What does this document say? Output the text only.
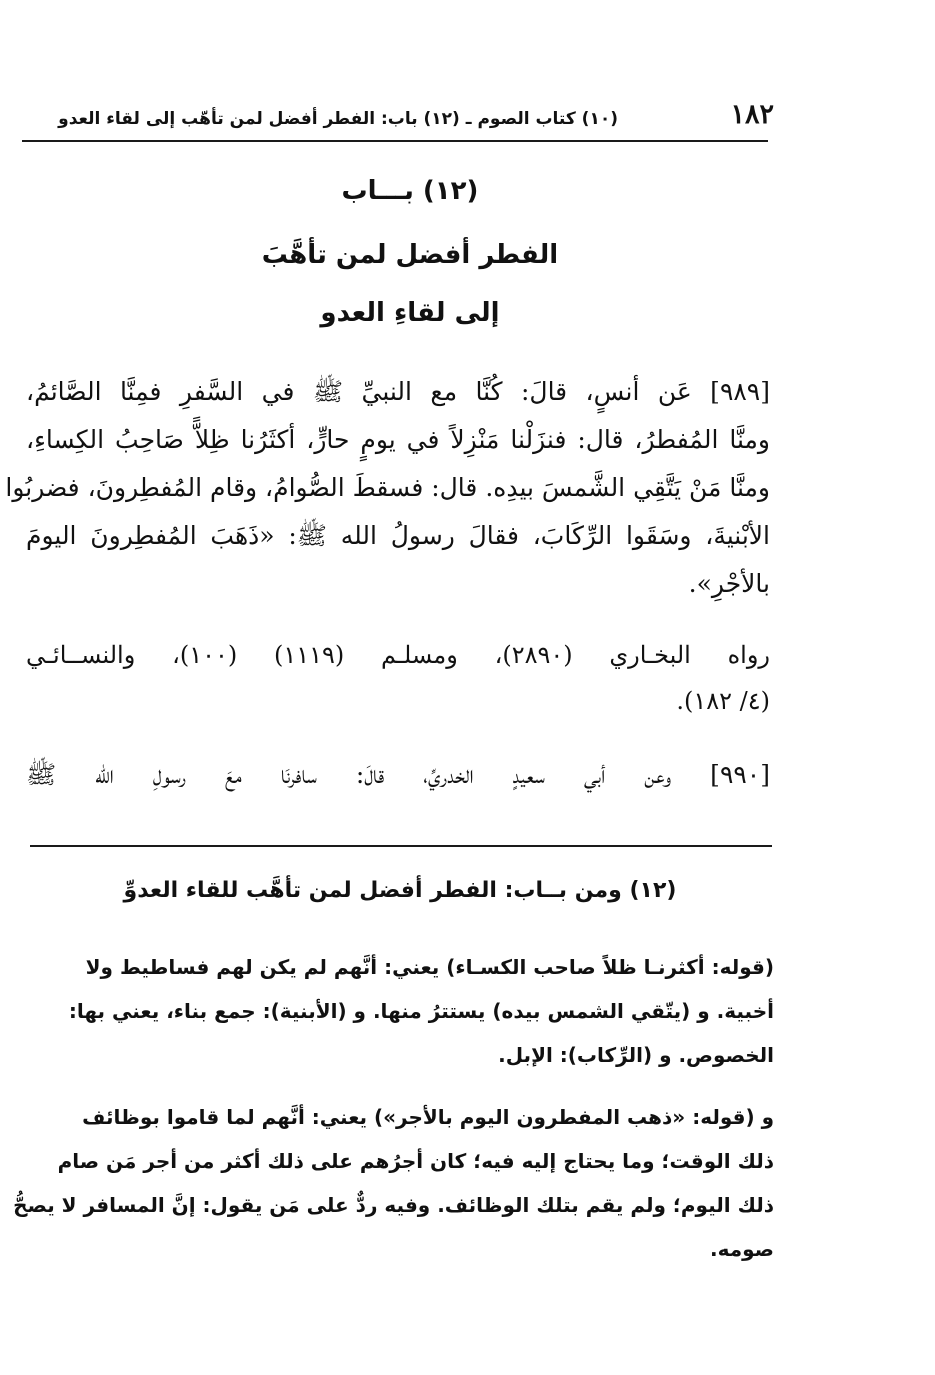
١٨٢
(١٠) كتاب الصوم ـ (١٢) باب: الفطر أفضل لمن تأهّب إلى لقاء العدو
(١٢) بـــاب
الفطر أفضل لمن تأهَّبَ
إلى لقاءِ العدو
[٩٨٩] عَن أنسٍ، قالَ: كُنَّا مع النبيِّ ﷺ في السَّفرِ فمِنَّا الصَّائمُ،
ومنَّا المُفطرُ، قال: فنزَلْنا مَنْزِلاً في يومٍ حارٍّ، أكثَرُنا ظِلاًّ صَاحِبُ الكِساءِ،
ومنَّا مَنْ يَتَّقِي الشَّمسَ بيدِه. قال: فسقطَ الصُّوامُ، وقام المُفطِرونَ، فضربُوا
الأبْنيةَ، وسَقَوا الرِّكَابَ، فقالَ رسولُ الله ﷺ: «ذَهَبَ المُفطِرونَ اليومَ
بالأجْرِ».
رواه البخـاري (٢٨٩٠)، ومسلـم (١١١٩) (١٠٠)، والنســائـي
(٤/ ١٨٢).
[٩٩٠] وعن أبي سعيدٍ الخدريِّ، قالَ: سافرنَا معَ رسولِ الله ﷺ
(١٢) ومن بــاب: الفطر أفضل لمن تأهَّب للقاء العدوِّ
(قوله: أكثرنـا ظلاً صاحب الكسـاء) يعني: أنَّهم لم يكن لهم فساطيط ولا
أخبية. و (يتّقي الشمس بيده) يستترُ منها. و (الأبنية): جمع بناء، يعني بها:
الخصوص. و (الرِّكاب): الإبل.
و (قوله: «ذهب المفطرون اليوم بالأجر») يعني: أنَّهم لما قاموا بوظائف
ذلك الوقت؛ وما يحتاج إليه فيه؛ كان أجرُهم على ذلك أكثر من أجر مَن صام
ذلك اليوم؛ ولم يقم بتلك الوظائف. وفيه ردٌّ على مَن يقول: إنَّ المسافر لا يصحُّ
صومه.
